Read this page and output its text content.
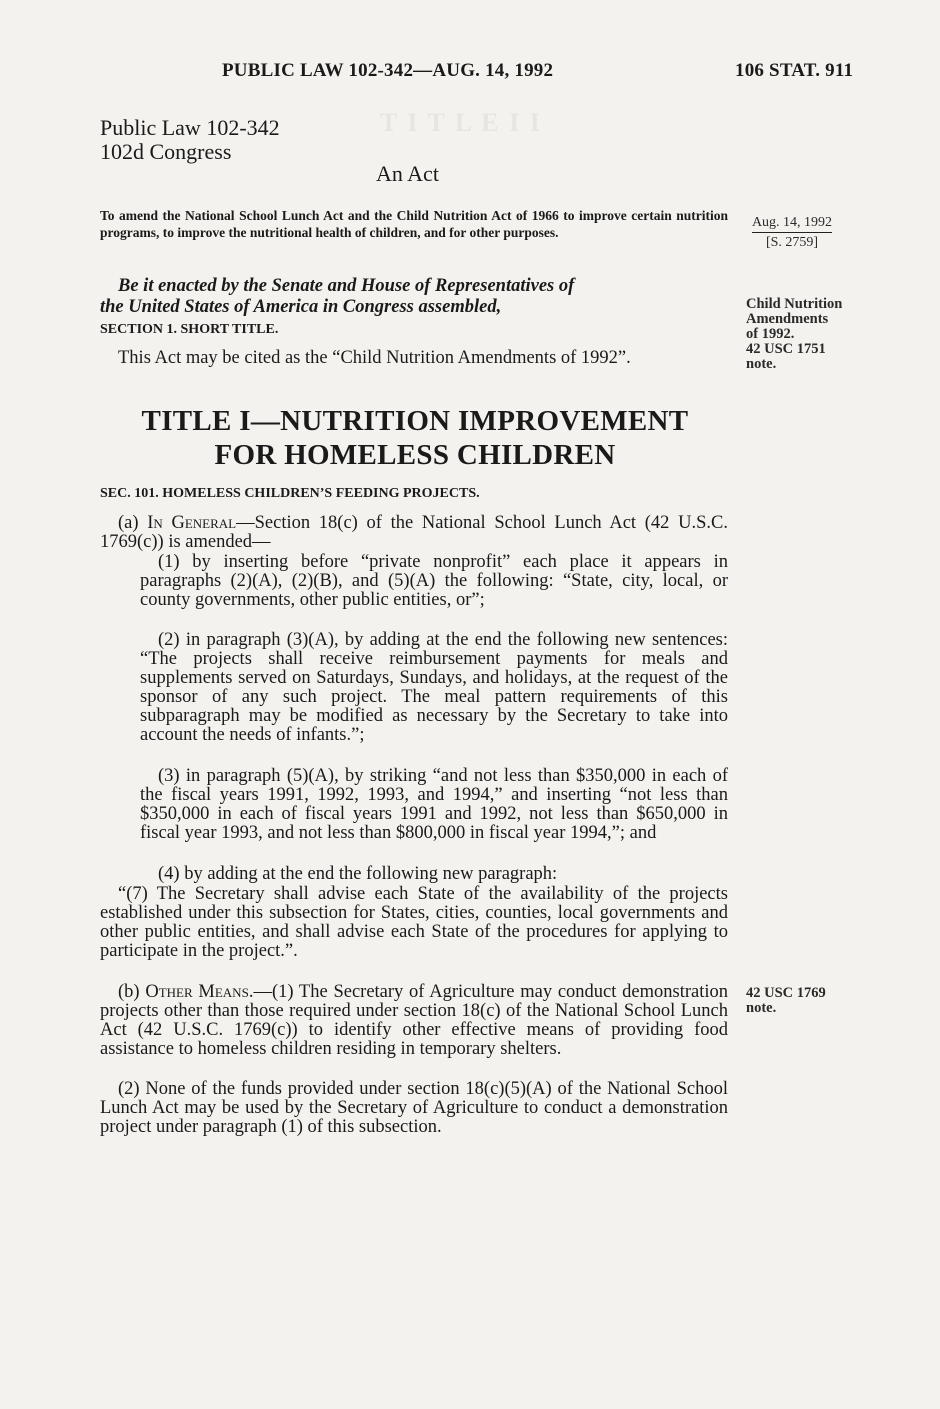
T I T L E I I
PUBLIC LAW 102-342—AUG. 14, 1992	106 STAT. 911
Public Law 102-342
102d Congress
An Act
To amend the National School Lunch Act and the Child Nutrition Act of 1966 to improve certain nutrition programs, to improve the nutritional health of children, and for other purposes.
Be it enacted by the Senate and House of Representatives of
the United States of America in Congress assembled,
SECTION 1. SHORT TITLE.
This Act may be cited as the “Child Nutrition Amendments of 1992”.
TITLE I—NUTRITION IMPROVEMENT
FOR HOMELESS CHILDREN
SEC. 101. HOMELESS CHILDREN’S FEEDING PROJECTS.
(a) In General—Section 18(c) of the National School Lunch Act (42 U.S.C. 1769(c)) is amended—
(1) by inserting before “private nonprofit” each place it appears in paragraphs (2)(A), (2)(B), and (5)(A) the following: “State, city, local, or county governments, other public entities, or”;
(2) in paragraph (3)(A), by adding at the end the following new sentences: “The projects shall receive reimbursement payments for meals and supplements served on Saturdays, Sundays, and holidays, at the request of the sponsor of any such project. The meal pattern requirements of this subparagraph may be modified as necessary by the Secretary to take into account the needs of infants.”;
(3) in paragraph (5)(A), by striking “and not less than $350,000 in each of the fiscal years 1991, 1992, 1993, and 1994,” and inserting “not less than $350,000 in each of fiscal years 1991 and 1992, not less than $650,000 in fiscal year 1993, and not less than $800,000 in fiscal year 1994,”; and
(4) by adding at the end the following new paragraph:
“(7) The Secretary shall advise each State of the availability of the projects established under this subsection for States, cities, counties, local governments and other public entities, and shall advise each State of the procedures for applying to participate in the project.”.
(b) Other Means.—(1) The Secretary of Agriculture may conduct demonstration projects other than those required under section 18(c) of the National School Lunch Act (42 U.S.C. 1769(c)) to identify other effective means of providing food assistance to homeless children residing in temporary shelters.
(2) None of the funds provided under section 18(c)(5)(A) of the National School Lunch Act may be used by the Secretary of Agriculture to conduct a demonstration project under paragraph (1) of this subsection.
Aug. 14, 1992
[S. 2759]
Child Nutrition
Amendments
of 1992.
42 USC 1751
note.
42 USC 1769
note.
